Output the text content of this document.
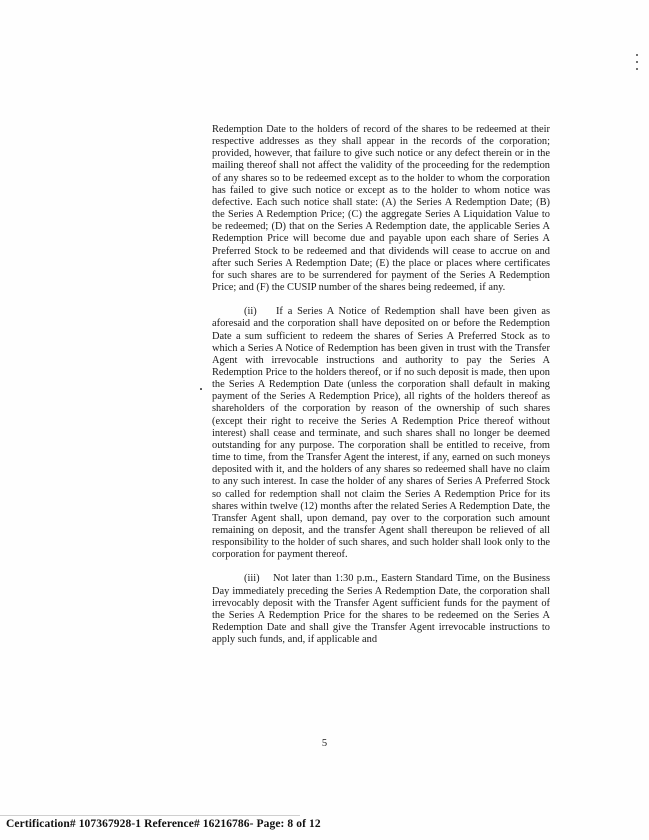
Redemption Date to the holders of record of the shares to be redeemed at their respective addresses as they shall appear in the records of the corporation; provided, however, that failure to give such notice or any defect therein or in the mailing thereof shall not affect the validity of the proceeding for the redemption of any shares so to be redeemed except as to the holder to whom the corporation has failed to give such notice or except as to the holder to whom notice was defective. Each such notice shall state: (A) the Series A Redemption Date; (B) the Series A Redemption Price; (C) the aggregate Series A Liquidation Value to be redeemed; (D) that on the Series A Redemption date, the applicable Series A Redemption Price will become due and payable upon each share of Series A Preferred Stock to be redeemed and that dividends will cease to accrue on and after such Series A Redemption Date; (E) the place or places where certificates for such shares are to be surrendered for payment of the Series A Redemption Price; and (F) the CUSIP number of the shares being redeemed, if any.

(ii)    If a Series A Notice of Redemption shall have been given as aforesaid and the corporation shall have deposited on or before the Redemption Date a sum sufficient to redeem the shares of Series A Preferred Stock as to which a Series A Notice of Redemption has been given in trust with the Transfer Agent with irrevocable instructions and authority to pay the Series A Redemption Price to the holders thereof, or if no such deposit is made, then upon the Series A Redemption Date (unless the corporation shall default in making payment of the Series A Redemption Price), all rights of the holders thereof as shareholders of the corporation by reason of the ownership of such shares (except their right to receive the Series A Redemption Price thereof without interest) shall cease and terminate, and such shares shall no longer be deemed outstanding for any purpose. The corporation shall be entitled to receive, from time to time, from the Transfer Agent the interest, if any, earned on such moneys deposited with it, and the holders of any shares so redeemed shall have no claim to any such interest. In case the holder of any shares of Series A Preferred Stock so called for redemption shall not claim the Series A Redemption Price for its shares within twelve (12) months after the related Series A Redemption Date, the Transfer Agent shall, upon demand, pay over to the corporation such amount remaining on deposit, and the transfer Agent shall thereupon be relieved of all responsibility to the holder of such shares, and such holder shall look only to the corporation for payment thereof.

(iii)    Not later than 1:30 p.m., Eastern Standard Time, on the Business Day immediately preceding the Series A Redemption Date, the corporation shall irrevocably deposit with the Transfer Agent sufficient funds for the payment of the Series A Redemption Price for the shares to be redeemed on the Series A Redemption Date and shall give the Transfer Agent irrevocable instructions to apply such funds, and, if applicable and

5
Certification# 107367928-1 Reference# 16216786- Page: 8 of 12
